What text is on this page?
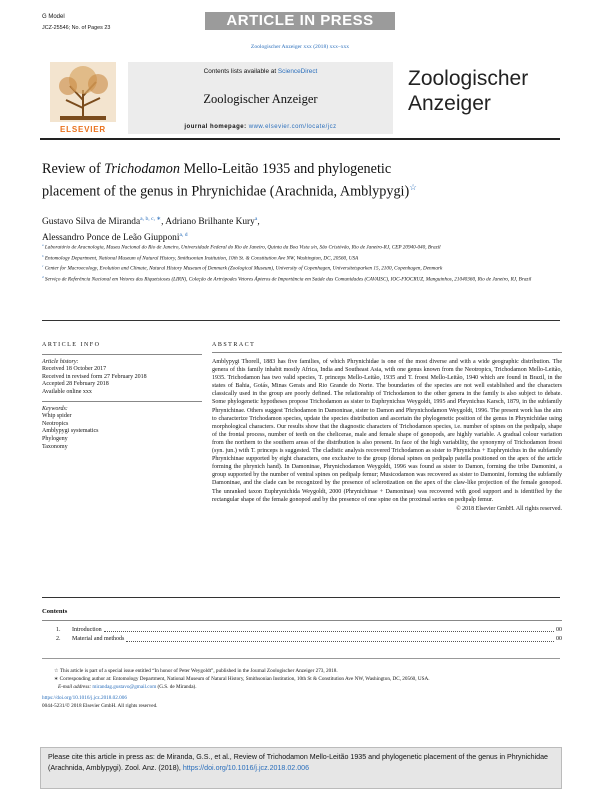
G Model
JCZ-25546; No. of Pages 23	ARTICLE IN PRESS
Zoologischer Anzeiger xxx (2018) xxx–xxx
ELSEVIER
Contents lists available at ScienceDirect
Zoologischer Anzeiger
journal homepage: www.elsevier.com/locate/jcz
Zoologischer
Anzeiger
Review of Trichodamon Mello-Leitão 1935 and phylogenetic
placement of the genus in Phrynichidae (Arachnida, Amblypygi)☆
Gustavo Silva de Miranda$^{a, b, c, ∗}$, Adriano Brilhante Kury$^a$,
Alessandro Ponce de Leão Giupponi$^{a, d}$

$^a$ Laboratório de Aracnologia, Museu Nacional do Rio de Janeiro, Universidade Federal do Rio de Janeiro, Quinta da Boa Vista s/n, São Cristóvão, Rio de Janeiro-RJ, CEP 20940-040, Brazil

$^b$ Entomology Department, National Museum of Natural History, Smithsonian Institution, 10th St. & Constitution Ave NW, Washington, DC, 20560, USA

$^c$ Center for Macroecology, Evolution and Climate, Natural History Museum of Denmark (Zoological Museum), University of Copenhagen, Universitetsparken 15, 2100, Copenhagen, Denmark

$^d$ Serviço de Referência Nacional em Vetores das Riquetsioses (LIRN), Coleção de Artrópodes Vetores Ápteros de Importância em Saúde das Comunidades (CAVAISC), IOC-FIOCRUZ, Manguinhos, 21040360, Rio de Janeiro, RJ, Brazil

ARTICLE INFO

Article history:

Received 18 October 2017

Received in revised form 27 February 2018

Accepted 28 February 2018

Available online xxx

Keywords:

Whip spider

Neotropics

Amblypygi systematics

Phylogeny

Taxonomy

ABSTRACT
Amblypygi Thorell, 1883 has five families, of which Phrynichidae is one of the most diverse and with a wide geographic distribution. The genera of this family inhabit mostly Africa, India and Southeast Asia, with one genus known from the Neotropics, Trichodamon Mello-Leitão, 1935. Trichodamon has two valid species, T. princeps Mello-Leitão, 1935 and T. froesi Mello-Leitão, 1940 which are found in Brazil, in the states of Bahia, Goiás, Minas Gerais and Rio Grande do Norte. The boundaries of the species are not well established and the characters classically used in the group are poorly defined. The relationship of Trichodamon to the other genera in the family is also subject to debate. Some phylogenetic hypotheses propose Trichodamon as sister to Euphrynichus Weygoldt, 1995 and Phrynichus Karsch, 1879, in the subfamily Phrynichinae. Others suggest Trichodamon in Damoninae, sister to Damon and Phrynichodamon Weygoldt, 1996. The present work has the aim to characterize Trichodamon species, update the species distribution and ascertain the phylogenetic position of the genus in Phrynichidae using morphological characters. Our results show that the diagnostic characters of Trichodamon species, i.e. number of spines on the pedipalp, shape of the frontal process, number of teeth on the chelicerae, male and female shape of gonopods, are highly variable. A gradual colour variation from the northern to the southern areas of the distribution is also present. In face of the high variability, the synonymy of Trichodamon froesi (syn. jun.) with T. princeps is suggested. The cladistic analysis recovered Trichodamon as sister to Phrynichus + Euphrynichus in the subfamily Phrynichinae supported by eight characters, one exclusive to the group (dorsal spines on pedipalp patella positioned on the apex of the article forming the phrynich hand). In Damoninae, Phrynichodamon Weygoldt, 1996 was found as sister to Damon, forming the tribe Damonini, a group supported by the number of ventral spines on pedipalp femur; Musicodamon was recovered as sister to Damonini, forming the subfamily Damoninae, and the clade can be recognized by the presence of sclerotization on the apex of the claw-like projection of the female gonopod. The unranked taxon Euphrynichida Weygoldt, 2000 (Phrynichinae + Damoninae) was recovered with good support and is identified by the rectangular shape of the female gonopod and by the presence of one spine on the proximal series on pedipalp femur.
© 2018 Elsevier GmbH. All rights reserved.
Contents
1.	Introduction	00
2.	Material and methods	00

☆ This article is part of a special issue entitled “In honor of Peter Weygoldt”, published in the Journal Zoologischer Anzeiger 273, 2018.

∗ Corresponding author at: Entomology Department, National Museum of Natural History, Smithsonian Institution, 10th St & Constitution Ave NW, Washington, DC, 20560, USA.

E-mail address: mirandag.gustavo@gmail.com (G.S. de Miranda).

https://doi.org/10.1016/j.jcz.2018.02.006

0044-5231/© 2018 Elsevier GmbH. All rights reserved.

Please cite this article in press as: de Miranda, G.S., et al., Review of Trichodamon Mello-Leitão 1935 and phylogenetic placement of the genus in Phrynichidae (Arachnida, Amblypygi). Zool. Anz. (2018), https://doi.org/10.1016/j.jcz.2018.02.006
